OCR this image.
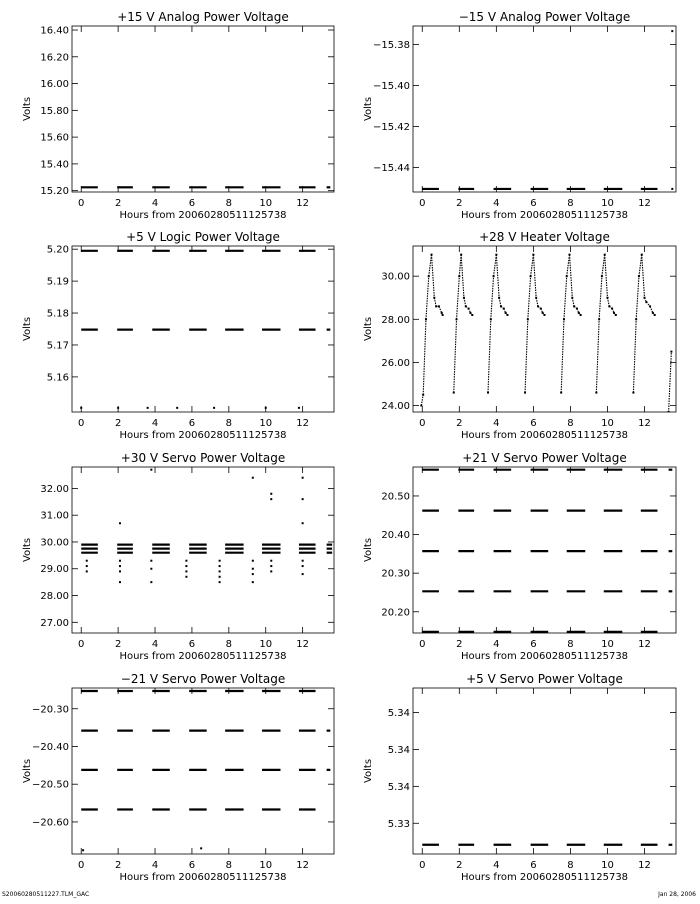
+15 V Analog Power Voltage
0	2	4	6	8	10 12
15.20
15.40
15.60
15.80
16.00
16.20
16.40
Hours from 20060280511125738
Volts
−15 V Analog Power Voltage
0	2	4	6	8	10 12
−15.38
−15.40
−15.42
−15.44
Hours from 20060280511125738
Volts
+5 V Logic Power Voltage
0	2	4	6	8	10 12
5.16
5.17
5.18
5.19
5.20
Hours from 20060280511125738
Volts
+28 V Heater Voltage
0	2	4	6	8	10 12
24.00
26.00
28.00
30.00
Hours from 20060280511125738
Volts
+30 V Servo Power Voltage
0	2	4	6	8	10 12
27.00
28.00
29.00
30.00
31.00
32.00
Hours from 20060280511125738
Volts
+21 V Servo Power Voltage
0	2	4	6	8	10 12
20.20
20.30
20.40
20.50
Hours from 20060280511125738
Volts
−21 V Servo Power Voltage
0	2	4	6	8	10 12
−20.30
−20.40
−20.50
−20.60
Hours from 20060280511125738
Volts
+5 V Servo Power Voltage
0	2	4	6	8	10 12
5.33
5.34
5.34
5.34
Hours from 20060280511125738
Volts
S20060280511227.TLM_GAC	Jan 28, 2006
